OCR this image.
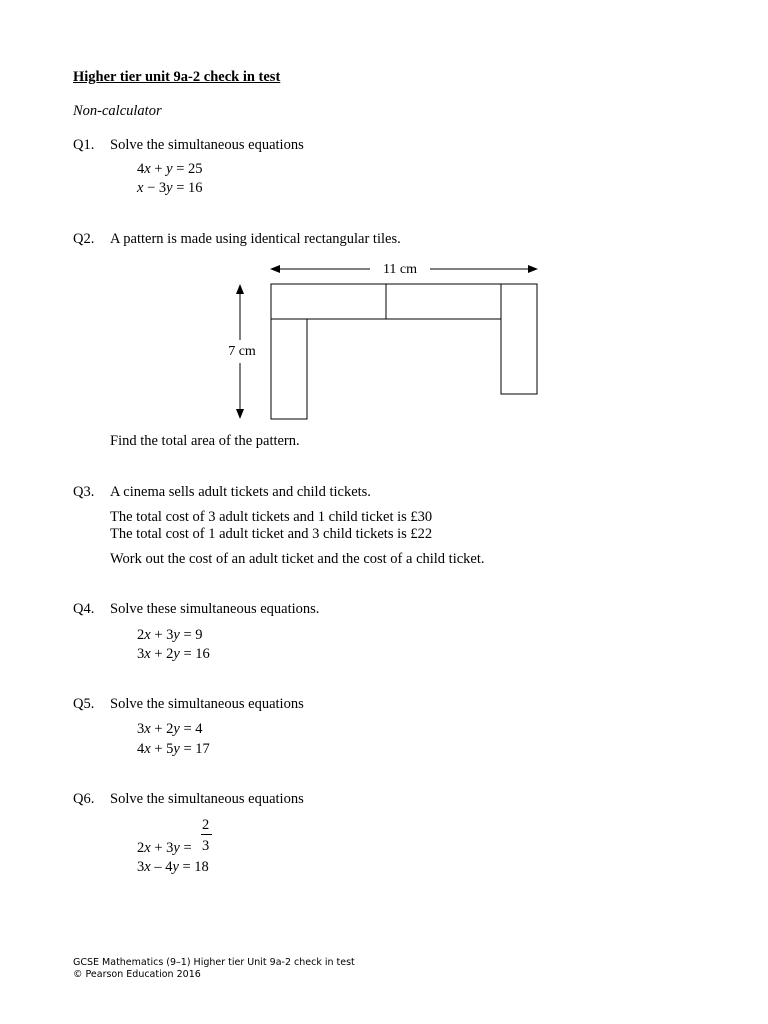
Higher tier unit 9a-2 check in test
Non-calculator
Q1. Solve the simultaneous equations
4x + y = 25
x − 3y = 16
Q2. A pattern is made using identical rectangular tiles.
11 cm
7 cm
Find the total area of the pattern.
Q3. A cinema sells adult tickets and child tickets.
The total cost of 3 adult tickets and 1 child ticket is £30
The total cost of 1 adult ticket and 3 child tickets is £22
Work out the cost of an adult ticket and the cost of a child ticket.
Q4. Solve these simultaneous equations.
2x + 3y = 9
3x + 2y = 16
Q5. Solve the simultaneous equations
3x + 2y = 4
4x + 5y = 17
Q6. Solve the simultaneous equations
2
3
2x + 3y =
3x – 4y = 18
GCSE Mathematics (9–1) Higher tier Unit 9a-2 check in test
© Pearson Education 2016
